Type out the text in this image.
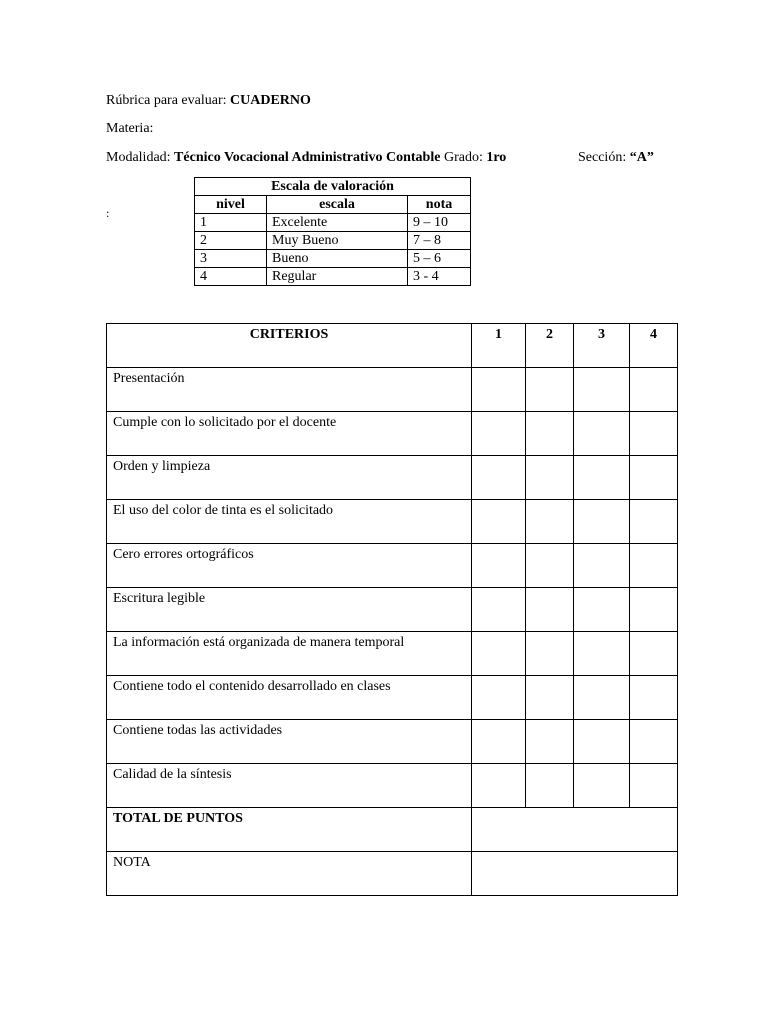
Rúbrica para evaluar: CUADERNO
Materia:
Modalidad: Técnico Vocacional Administrativo Contable Grado: 1ro	Sección: “A”
:
Escala de valoración		
nivel	escala	nota
1	Excelente	9 – 10
2	Muy Bueno	7 – 8
3	Bueno	5 – 6
4	Regular	3 - 4
CRITERIOS	1	2	3	4
Presentación				
Cumple con lo solicitado por el docente				
Orden y limpieza				
El uso del color de tinta es el solicitado				
Cero errores ortográficos				
Escritura legible				
La información está organizada de manera temporal				
Contiene todo el contenido desarrollado en clases				
Contiene todas las actividades				
Calidad de la síntesis				
TOTAL DE PUNTOS				
NOTA				
